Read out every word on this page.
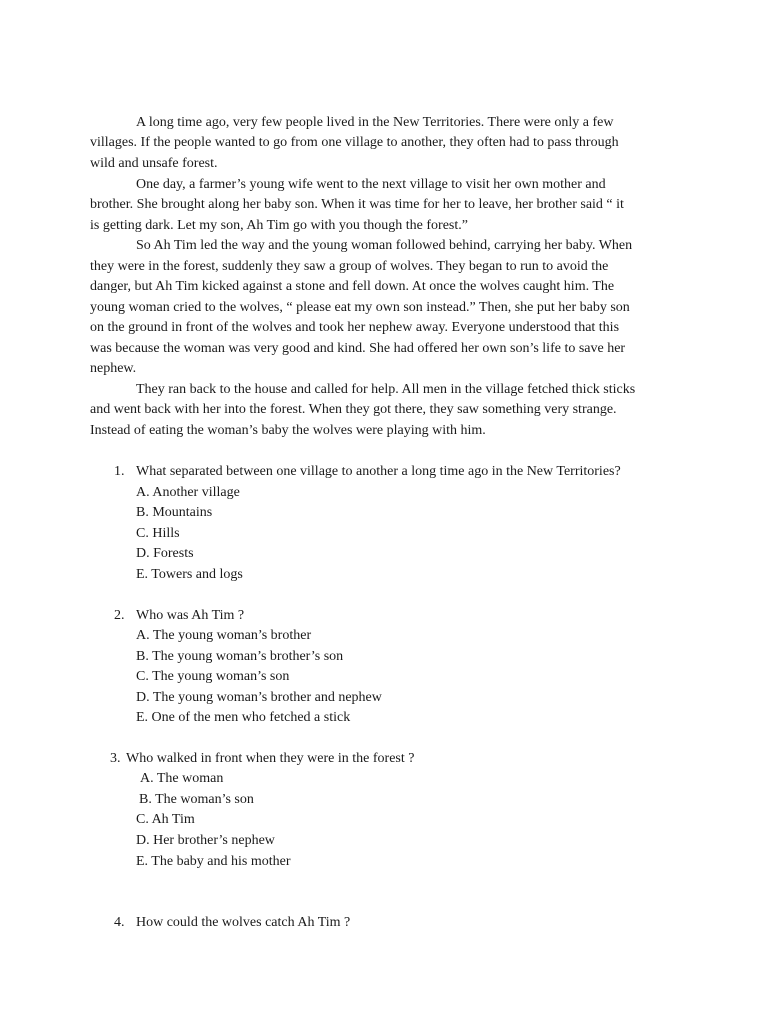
A long time ago, very few people lived in the New Territories. There were only a few
villages. If the people wanted to go from one village to another, they often had to pass through
wild and unsafe forest.
One day, a farmer’s young wife went to the next village to visit her own mother and
brother. She brought along her baby son. When it was time for her to leave, her brother said “ it
is getting dark. Let my son, Ah Tim go with you though the forest.”
So Ah Tim led the way and the young woman followed behind, carrying her baby. When
they were in the forest, suddenly they saw a group of wolves. They began to run to avoid the
danger, but Ah Tim kicked against a stone and fell down. At once the wolves caught him. The
young woman cried to the wolves, “ please eat my own son instead.” Then, she put her baby son
on the ground in front of the wolves and took her nephew away. Everyone understood that this
was because the woman was very good and kind. She had offered her own son’s life to save her
nephew.
They ran back to the house and called for help. All men in the village fetched thick sticks
and went back with her into the forest. When they got there, they saw something very strange.
Instead of eating the woman’s baby the wolves were playing with him.
1. What separated between one village to another a long time ago in the New Territories?
A. Another village
B. Mountains
C. Hills
D. Forests
E. Towers and logs
2. Who was Ah Tim ?
A. The young woman’s brother
B. The young woman’s brother’s son
C. The young woman’s son
D. The young woman’s brother and nephew
E. One of the men who fetched a stick
3. Who walked in front when they were in the forest ?
A. The woman
B. The woman’s son
C. Ah Tim
D. Her brother’s nephew
E. The baby and his mother
4. How could the wolves catch Ah Tim ?
